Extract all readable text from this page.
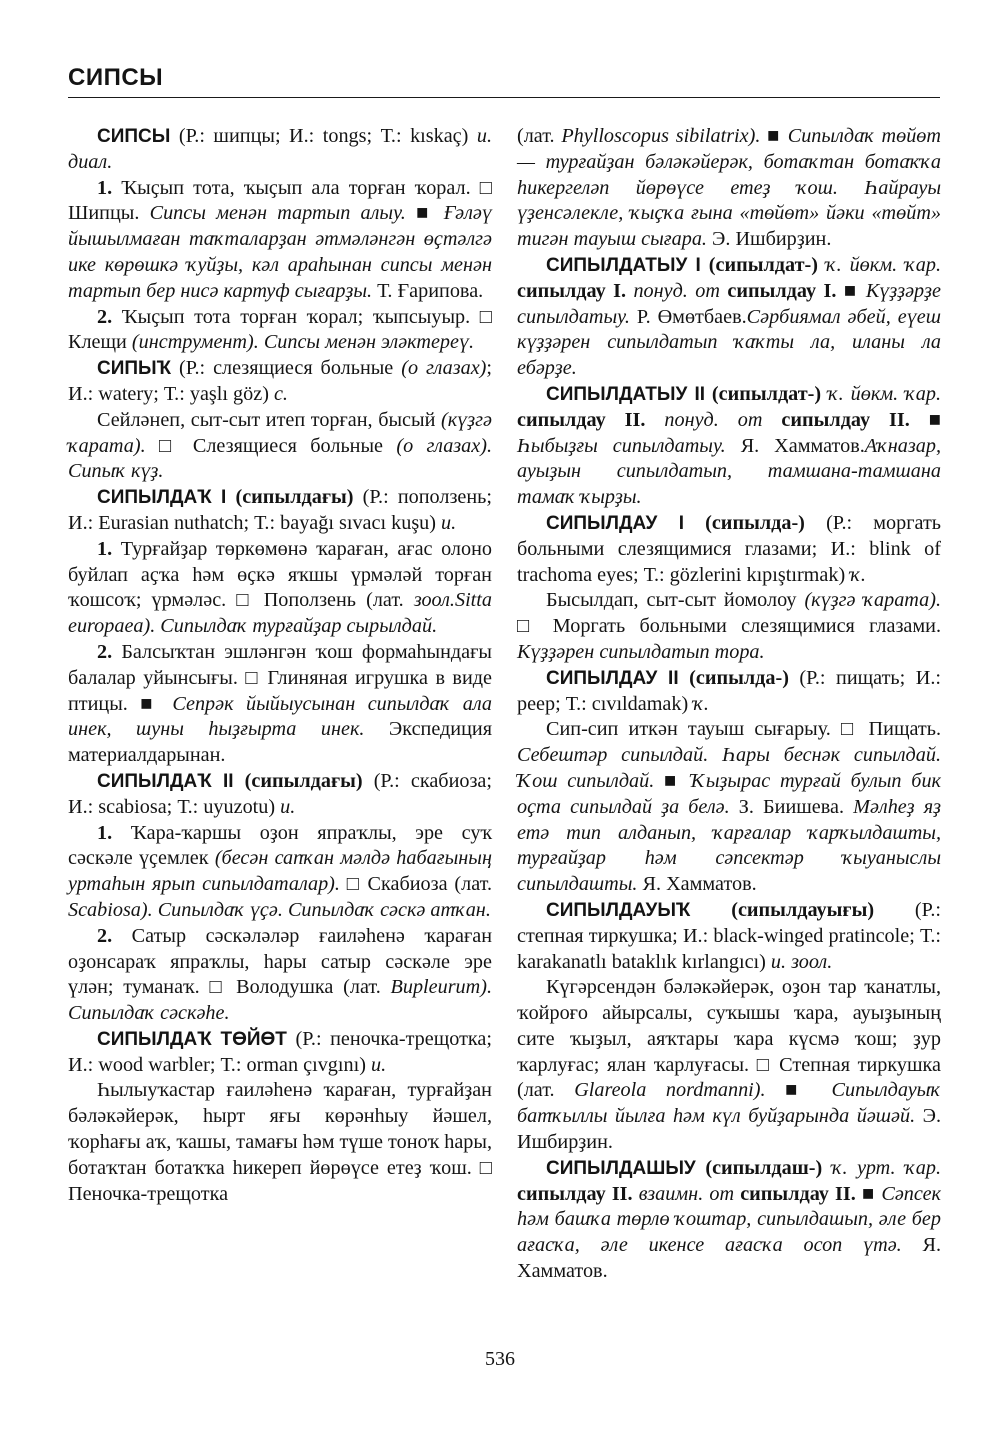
СИПСЫ

СИПСЫ (Р.: шипцы; И.: tongs; Т.: kıskaç) и. диал.

1. Ҡыҫып тота, ҡыҫып ала торған ҡорал. □ Шипцы. Сипсы менән тартып алыу. ■ Ғәләү йышылмаған таҡталарҙан әтмәләнгән өҫтәлгә ике көрөшкә ҡуйҙы, кәл араһынан сипсы менән тартып бер нисә картуф сығарҙы. Т. Ғарипова.

2. Ҡыҫып тота торған ҡорал; ҡыпсыуыр. □ Клещи (инструмент). Сипсы менән эләктереү.

СИПЫҠ (Р.: слезящиеся больные (о глазах); И.: watery; Т.: yaşlı göz) с.

Сейләнеп, сыт-сыт итеп торған, бысый (күҙгә ҡарата). □ Слезящиеся больные (о глазах). Сипыҡ күҙ.

СИПЫЛДАҠ I (сипылдағы) (Р.: поползень; И.: Eurasian nuthatch; Т.: bayağı sıvacı kuşu) и.

1. Турғайҙар төркөмөнә ҡараған, ағас олоно буйлап аҫҡа һәм өҫкә яҡшы үрмәләй торған ҡошсоҡ; үрмәләс. □ Поползень (лат. зоол.Sitta europaea). Сипылдаҡ турғайҙар сырылдай.

2. Балсыҡтан эшләнгән ҡош формаһындағы балалар уйынсығы. □ Глиняная игрушка в виде птицы. ■ Сепрәк йыйыусынан сипылдаҡ ала инек, шуны һыҙғырта инек. Экспедиция материалдарынан.

СИПЫЛДАҠ II (сипылдағы) (Р.: скабиоза; И.: scabiosa; Т.: uyuzotu) и.

1. Ҡара-ҡаршы оҙон япраҡлы, эре суҡ сәскәле үҫемлек (бесән сапҡан мәлдә һабағының уртаһын ярып сипылдаталар). □ Скабиоза (лат. Scabiosa). Сипылдаҡ үҫә. Сипылдаҡ сәскә атҡан.

2. Сатыр сәскәләләр ғаиләһенә ҡараған оҙонсараҡ япраҡлы, һары сатыр сәскәле эре үлән; туманаҡ. □ Володушка (лат. Bupleurum). Сипылдаҡ сәскәһе.

СИПЫЛДАҠ ТӨЙӨТ (Р.: пеночка-трещотка; И.: wood warbler; Т.: orman çıvgını) и.

Һылыуҡастар ғаиләһенә ҡараған, турғайҙан бәләкәйерәк, һырт яғы көрәнһыу йәшел, ҡорһағы аҡ, ҡашы, тамағы һәм түше тоноҡ һары, ботаҡтан ботаҡҡа һикереп йөрөүсе етеҙ ҡош. □ Пеночка-трещотка

(лат. Phylloscopus sibilatrix). ■ Сипылдаҡ төйөт — турғайҙан бәләкәйерәк, ботаҡтан ботаҡҡа һикергеләп йөрөүсе етеҙ ҡош. Һайрауы үҙенсәлекле, ҡыҫҡа ғына «төйөт» йәки «төйт» тигән тауыш сығара. Э. Ишбирҙин.

СИПЫЛДАТЫУ I (сипылдат-) ҡ. йөкм. ҡар. сипылдау I. понуд. от сипылдау I. ■ Күҙҙәрҙе сипылдатыу. Р. Өмөтбаев.Сәрбиямал әбей, еүеш күҙҙәрен сипылдатып ҡаҡты ла, иланы ла ебәрҙе.

СИПЫЛДАТЫУ II (сипылдат-) ҡ. йөкм. ҡар. сипылдау II. понуд. от сипылдау II. ■ Һыбыҙғы сипылдатыу. Я. Хамматов.Аҡназар, ауыҙын сипылдатып, тамшана-тамшана тамаҡ ҡырҙы.

СИПЫЛДАУ I (сипылда-) (Р.: моргать больными слезящимися глазами; И.: blink of trachoma eyes; Т.: gözlerini kıpıştırmak) ҡ.

Бысылдап, сыт-сыт йомолоу (күҙгә ҡарата). □ Моргать больными слезящимися глазами. Күҙҙәрен сипылдатып тора.

СИПЫЛДАУ II (сипылда-) (Р.: пищать; И.: peep; Т.: cıvıldamak) ҡ.

Сип-сип иткән тауыш сығарыу. □ Пищать. Себештәр сипылдай. Һары беснәк сипылдай. Ҡош сипылдай. ■ Ҡыҙырас турғай булып бик оҫта сипылдай ҙа белә. З. Биишева. Мәлһеҙ яҙ етә тип алданып, ҡарғалар ҡарҡылдашты, турғайҙар һәм сәпсектәр ҡыуаныслы сипылдашты. Я. Хамматов.

СИПЫЛДАУЫҠ (сипылдауығы) (Р.: степная тиркушка; И.: black-winged pratincole; Т.: karakanatlı bataklık kırlangıcı) и. зоол.

Күгәрсендән бәләкәйерәк, оҙон тар ҡанатлы, ҡойроғо айырсалы, суҡышы ҡара, ауыҙының сите ҡыҙыл, аяҡтары ҡара күсмә ҡош; ҙур ҡарлуғас; ялан ҡарлуғасы. □ Степная тиркушка (лат. Glareola nordmanni). ■ Сипылдауыҡ батҡыллы йылға һәм күл буйҙарында йәшәй. Э. Ишбирҙин.

СИПЫЛДАШЫУ (сипылдаш-) ҡ. урт. ҡар. сипылдау II. взаимн. от сипылдау II. ■ Сәпсек һәм башҡа төрлө ҡоштар, сипылдашып, әле бер ағасҡа, әле икенсе ағасҡа осоп үтә. Я. Хамматов.

536
